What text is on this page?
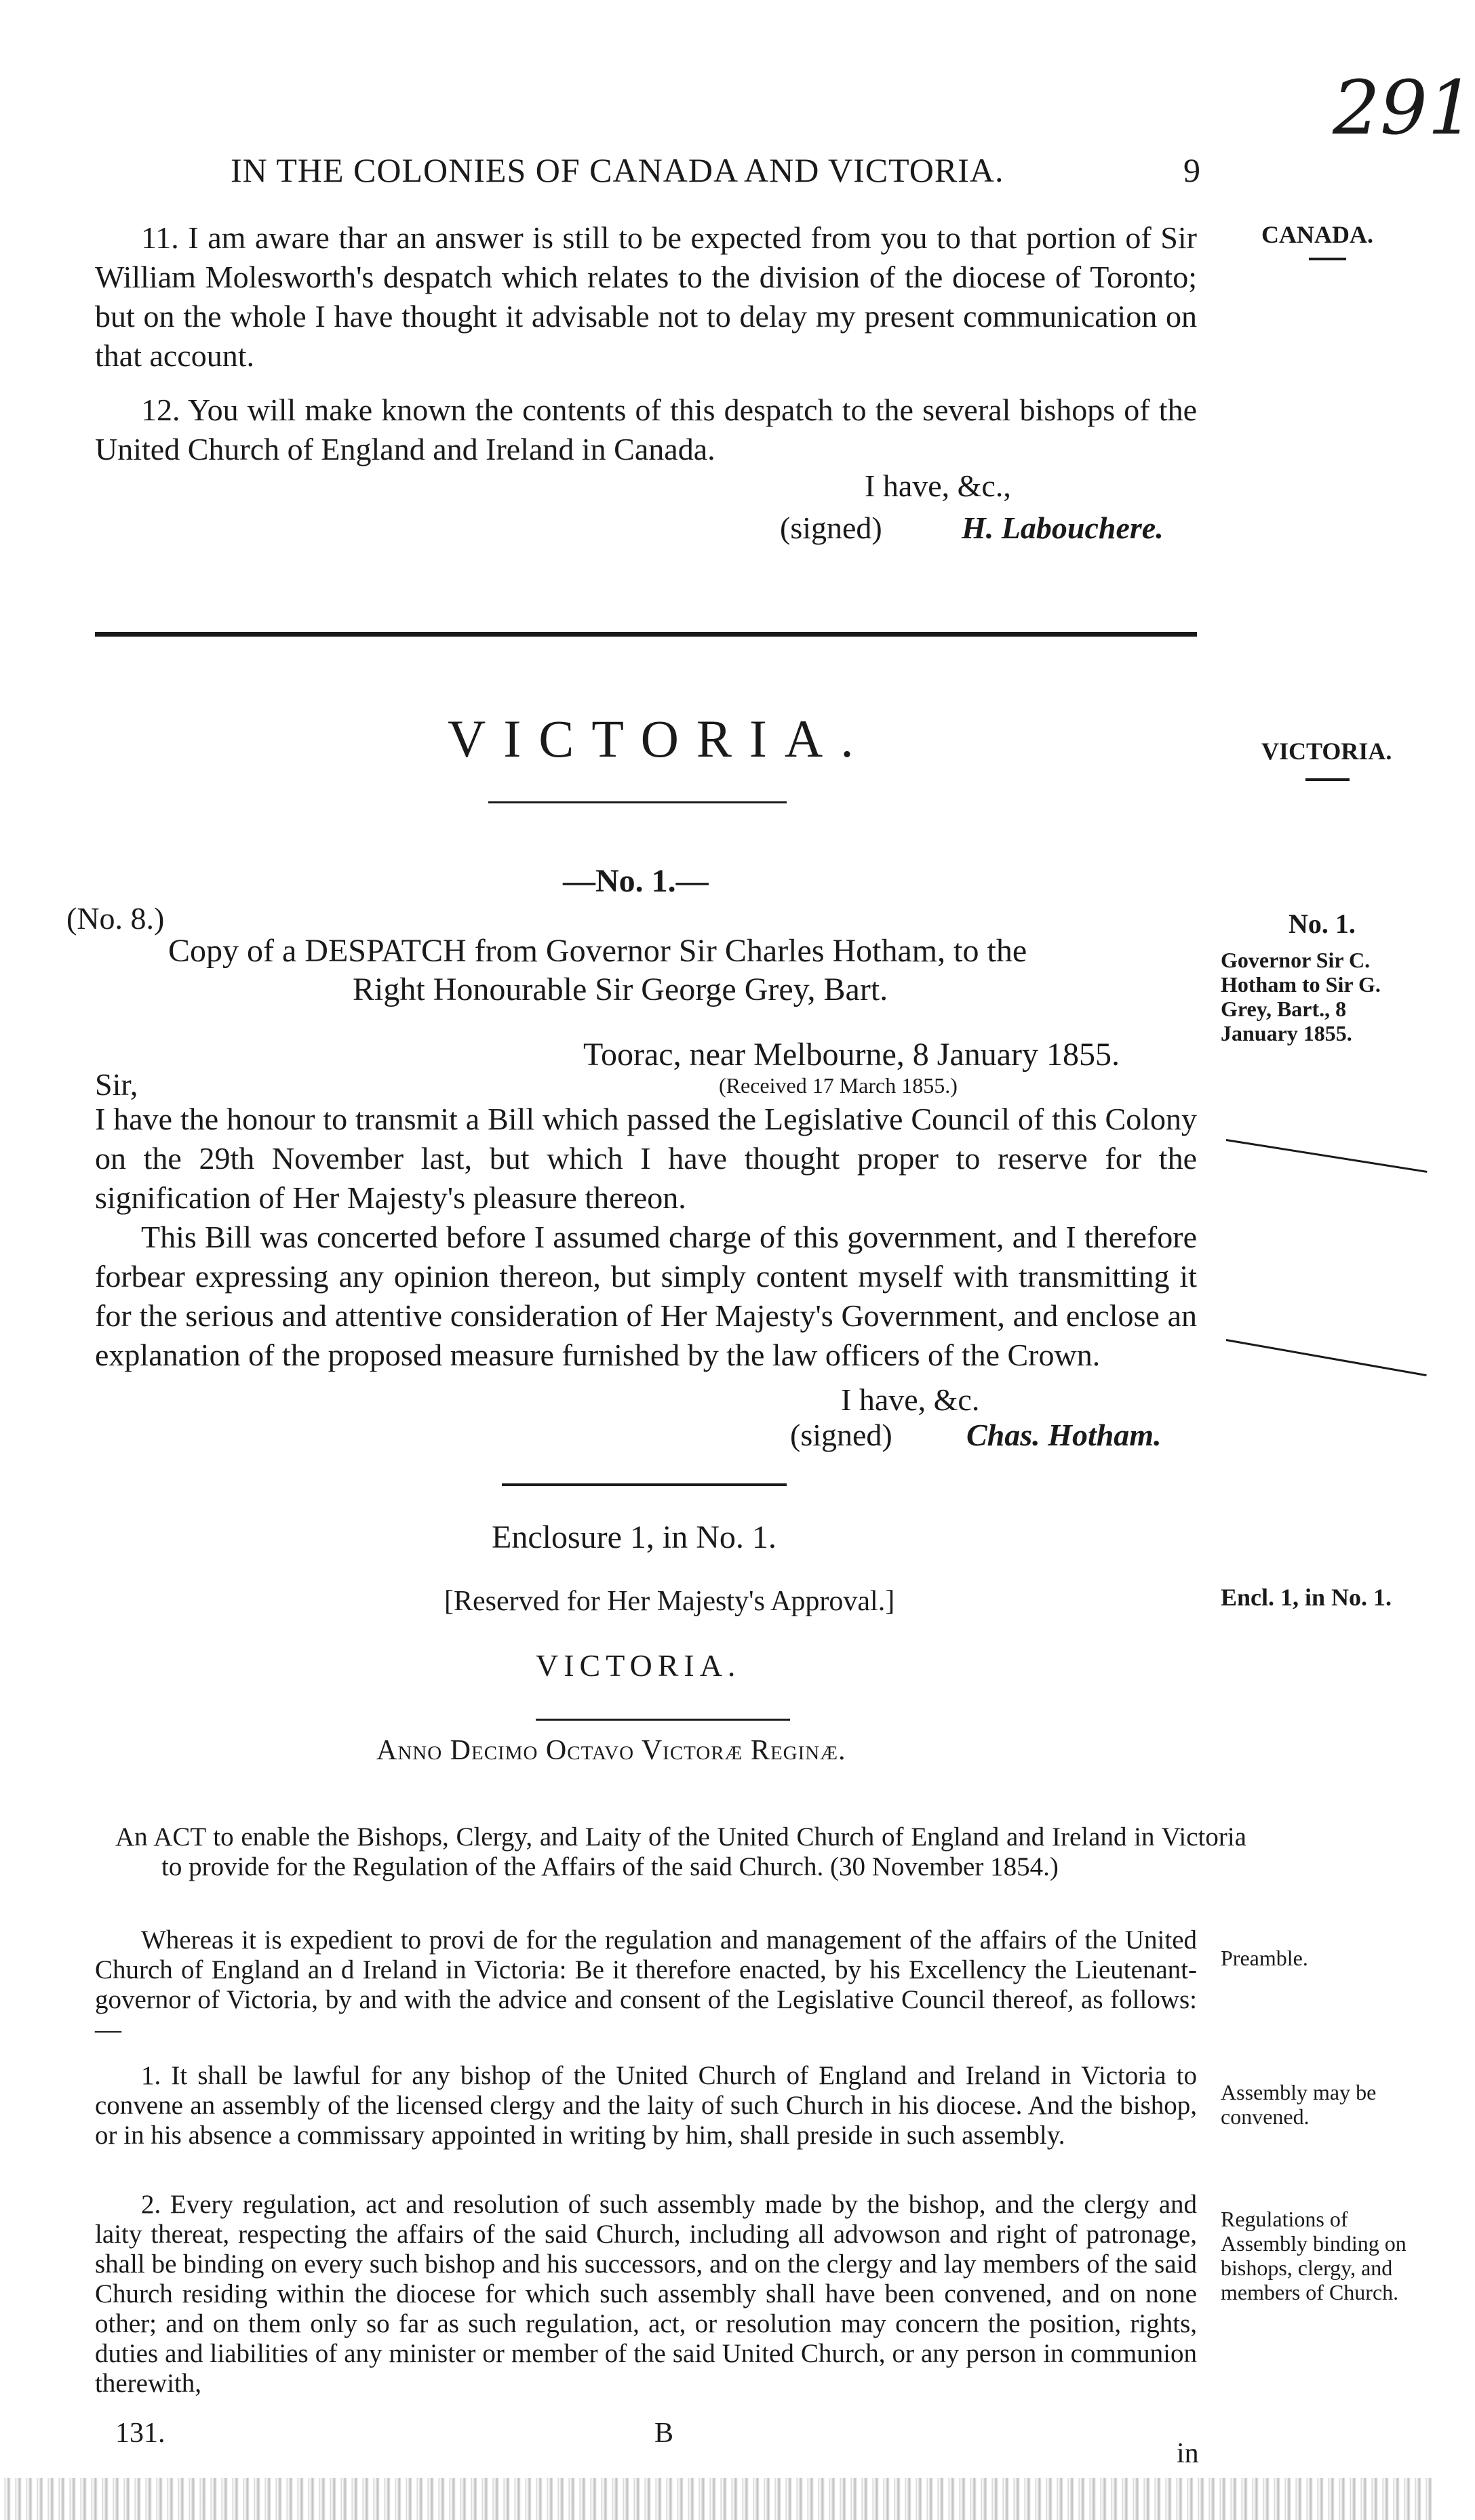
291
IN THE COLONIES OF CANADA AND VICTORIA.	9
CANADA.

11. I am aware thar an answer is still to be expected from you to that portion of Sir William Molesworth's despatch which relates to the division of the diocese of Toronto; but on the whole I have thought it advisable not to delay my present communication on that account.

12. You will make known the contents of this despatch to the several bishops of the United Church of England and Ireland in Canada.

I have, &c.,
(signed)	H. Labouchere.
VICTORIA.	VICTORIA.
—No. 1.—
(No. 8.)
Copy of a DESPATCH from Governor Sir Charles Hotham, to the
Right Honourable Sir George Grey, Bart.
No. 1.
Governor Sir C. Hotham to Sir G. Grey, Bart., 8 January 1855.
Toorac, near Melbourne, 8 January 1855.
(Received 17 March 1855.)
Sir,

I have the honour to transmit a Bill which passed the Legislative Council of this Colony on the 29th November last, but which I have thought proper to reserve for the signification of Her Majesty's pleasure thereon.

This Bill was concerted before I assumed charge of this government, and I therefore forbear expressing any opinion thereon, but simply content myself with transmitting it for the serious and attentive consideration of Her Majesty's Government, and enclose an explanation of the proposed measure furnished by the law officers of the Crown.

I have, &c.
(signed) Chas. Hotham.
Enclosure 1, in No. 1.
[Reserved for Her Majesty's Approval.]	Encl. 1, in No. 1.
VICTORIA.
Anno Decimo Octavo Victoræ Reginæ.
An ACT to enable the Bishops, Clergy, and Laity of the United Church of England and Ireland in Victoria to provide for the Regulation of the Affairs of the said Church. (30 November 1854.)
Whereas it is expedient to provi de for the regulation and management of the affairs of the United Church of England an d Ireland in Victoria: Be it therefore enacted, by his Excellency the Lieutenant-governor of Victoria, by and with the advice and consent of the Legislative Council thereof, as follows:—
Preamble.
1. It shall be lawful for any bishop of the United Church of England and Ireland in Victoria to convene an assembly of the licensed clergy and the laity of such Church in his diocese. And the bishop, or in his absence a commissary appointed in writing by him, shall preside in such assembly.
Assembly may be convened.
2. Every regulation, act and resolution of such assembly made by the bishop, and the clergy and laity thereat, respecting the affairs of the said Church, including all advowson and right of patronage, shall be binding on every such bishop and his successors, and on the clergy and lay members of the said Church residing within the diocese for which such assembly shall have been convened, and on none other; and on them only so far as such regulation, act, or resolution may concern the position, rights, duties and liabilities of any minister or member of the said United Church, or any person in communion therewith,
Regulations of Assembly binding on bishops, clergy, and members of Church.
131.	B
in
